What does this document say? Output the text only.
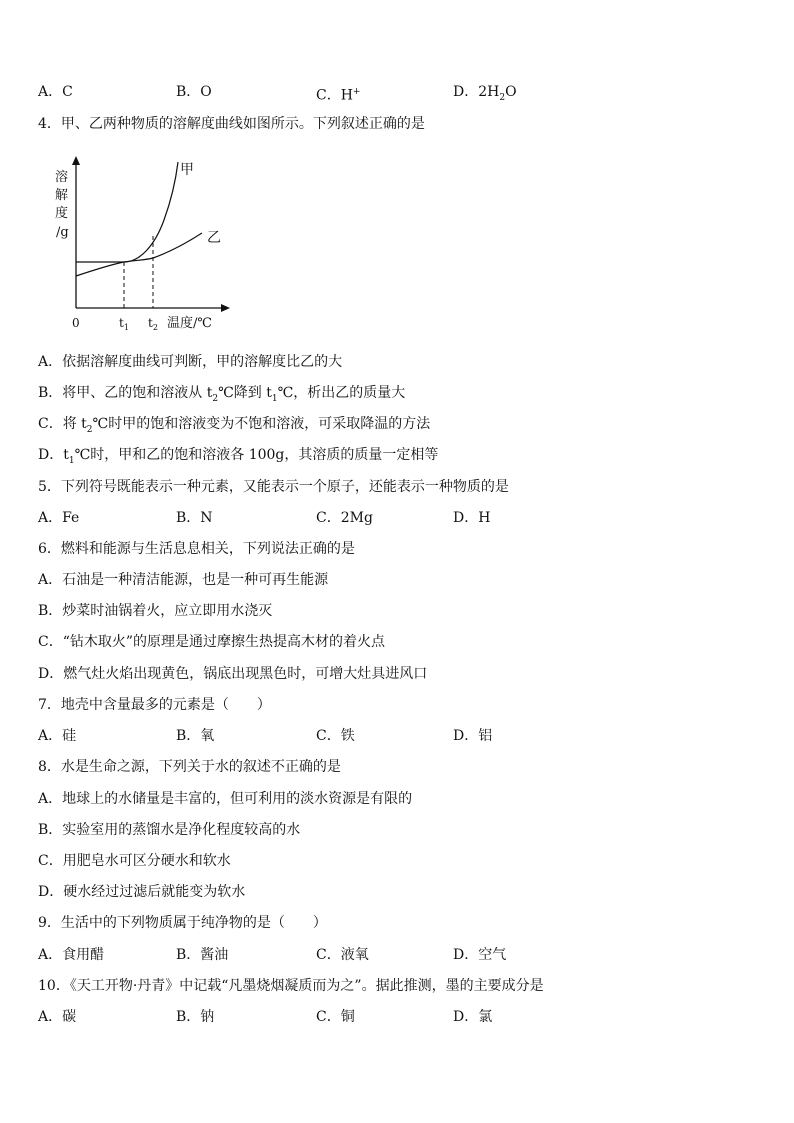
A．C	B．O	C．H+	D．$2H_2O$
4．甲、乙两种物质的溶解度曲线如图所示。下列叙述正确的是
溶
解
度
/g
甲
乙
0	$t_1$ $t_2$ 温度/℃
A．依据溶解度曲线可判断，甲的溶解度比乙的大
B．将甲、乙的饱和溶液从 $t_2℃$降到 $t_1℃$，析出乙的质量大
C．将 $t_2℃$时甲的饱和溶液变为不饱和溶液，可采取降温的方法
D．$t_1℃$时，甲和乙的饱和溶液各 100g，其溶质的质量一定相等
5．下列符号既能表示一种元素，又能表示一个原子，还能表示一种物质的是
A．Fe	B．N	C．2Mg	D．H
6．燃料和能源与生活息息相关，下列说法正确的是
A．石油是一种清洁能源，也是一种可再生能源
B．炒菜时油锅着火，应立即用水浇灭
C．“钻木取火”的原理是通过摩擦生热提高木材的着火点
D．燃气灶火焰出现黄色，锅底出现黑色时，可增大灶具进风口
7．地壳中含量最多的元素是（　　）
A．硅	B．氧	C．铁	D．铝
8．水是生命之源，下列关于水的叙述不正确的是
A．地球上的水储量是丰富的，但可利用的淡水资源是有限的
B．实验室用的蒸馏水是净化程度较高的水
C．用肥皂水可区分硬水和软水
D．硬水经过过滤后就能变为软水
9．生活中的下列物质属于纯净物的是（　　）
A．食用醋	B．酱油	C．液氧	D．空气
10．《天工开物·丹青》中记载“凡墨烧烟凝质而为之”。据此推测，墨的主要成分是
A．碳	B．钠	C．铜	D．氯
